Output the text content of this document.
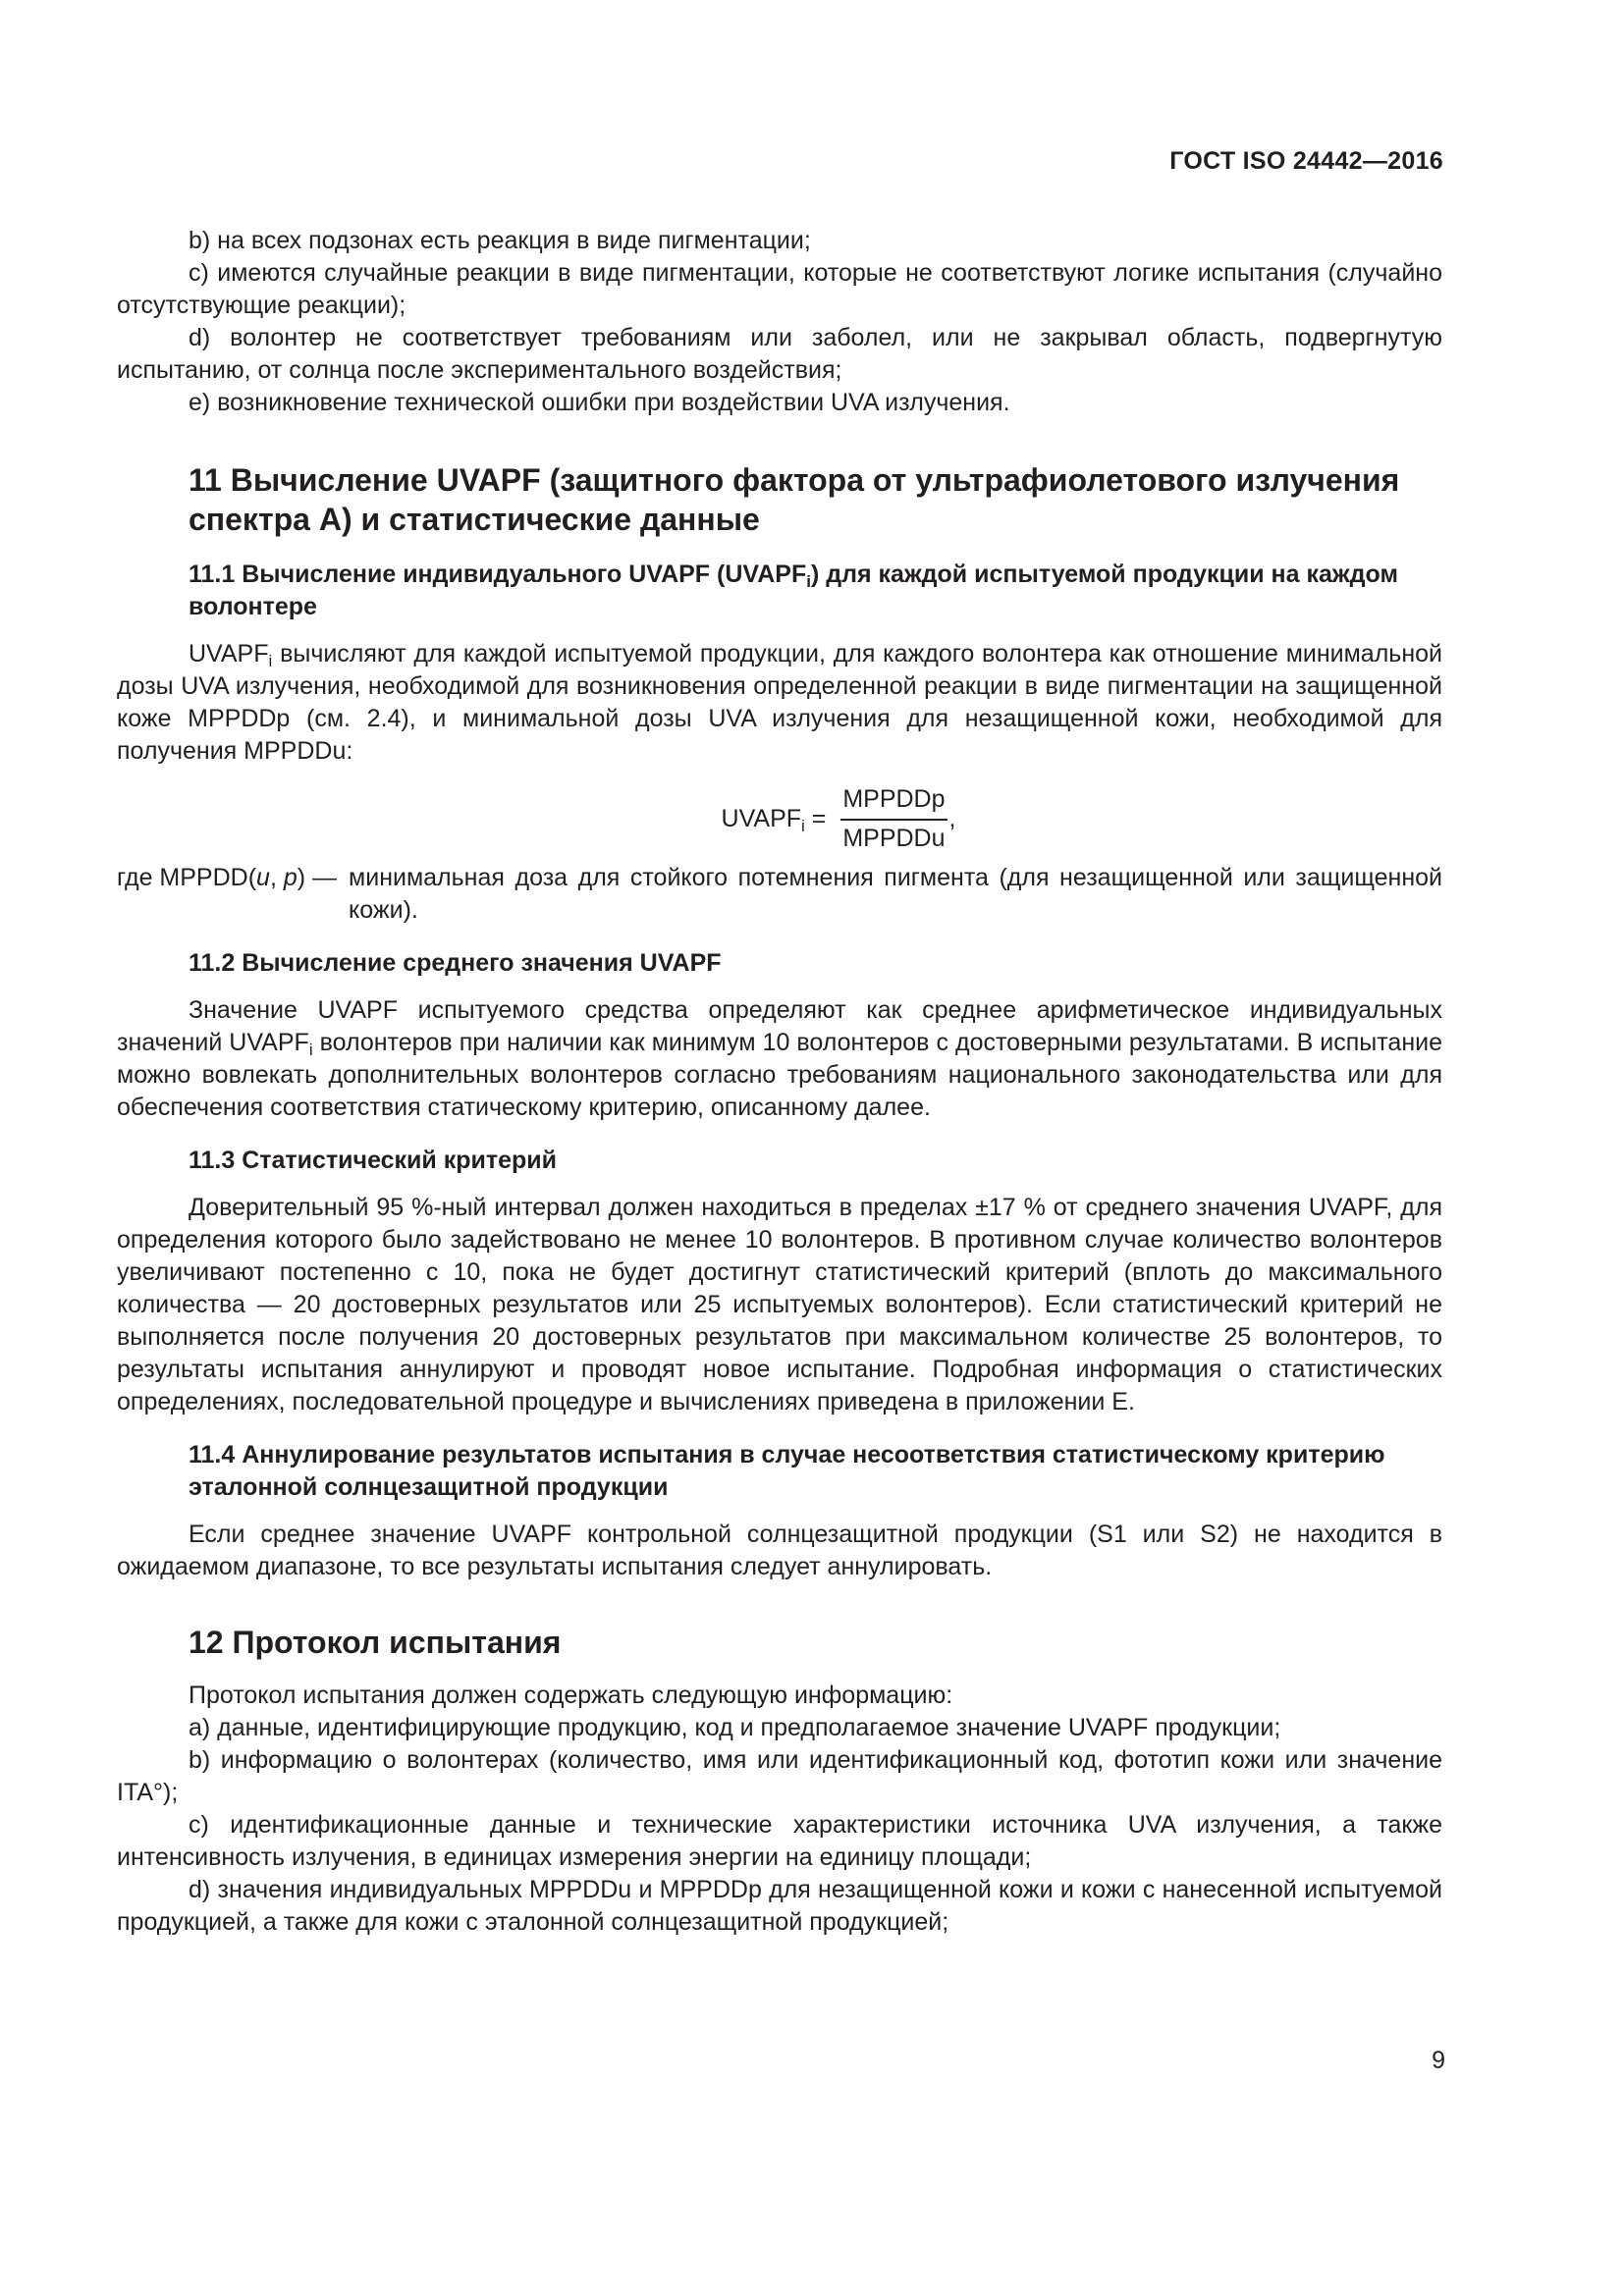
ГОСТ ISO 24442—2016

b) на всех подзонах есть реакция в виде пигментации;

c) имеются случайные реакции в виде пигментации, которые не соответствуют логике испытания (случайно отсутствующие реакции);

d) волонтер не соответствует требованиям или заболел, или не закрывал область, подвергнутую испытанию, от солнца после экспериментального воздействия;

e) возникновение технической ошибки при воздействии UVA излучения.

11 Вычисление UVAPF (защитного фактора от ультрафиолетового излучения спектра А) и статистические данные
11.1 Вычисление индивидуального UVAPF $(UVAPF_i)$ для каждой испытуемой продукции на каждом волонтере

$UVAPF_i$ вычисляют для каждой испытуемой продукции, для каждого волонтера как отношение минимальной дозы UVA излучения, необходимой для возникновения определенной реакции в виде пигментации на защищенной коже MPPDDp (см. 2.4), и минимальной дозы UVA излучения для незащищенной кожи, необходимой для получения MPPDDu:

$UVAPF_i = \frac{\text{MPPDDp}}{\text{MPPDDu}}$ ,
где MPPDD(u, p) — минимальная доза для стойкого потемнения пигмента (для незащищенной или защищенной кожи).
11.2 Вычисление среднего значения UVAPF

Значение UVAPF испытуемого средства определяют как среднее арифметическое индивидуальных значений $UVAPF_i$ волонтеров при наличии как минимум 10 волонтеров с достоверными результатами. В испытание можно вовлекать дополнительных волонтеров согласно требованиям национального законодательства или для обеспечения соответствия статическому критерию, описанному далее.

11.3 Статистический критерий

Доверительный 95 %-ный интервал должен находиться в пределах ±17 % от среднего значения UVAPF, для определения которого было задействовано не менее 10 волонтеров. В противном случае количество волонтеров увеличивают постепенно с 10, пока не будет достигнут статистический критерий (вплоть до максимального количества — 20 достоверных результатов или 25 испытуемых волонтеров). Если статистический критерий не выполняется после получения 20 достоверных результатов при максимальном количестве 25 волонтеров, то результаты испытания аннулируют и проводят новое испытание. Подробная информация о статистических определениях, последовательной процедуре и вычислениях приведена в приложении Е.

11.4 Аннулирование результатов испытания в случае несоответствия статистическому критерию эталонной солнцезащитной продукции

Если среднее значение UVAPF контрольной солнцезащитной продукции (S1 или S2) не находится в ожидаемом диапазоне, то все результаты испытания следует аннулировать.

12 Протокол испытания

Протокол испытания должен содержать следующую информацию:

a) данные, идентифицирующие продукцию, код и предполагаемое значение UVAPF продукции;

b) информацию о волонтерах (количество, имя или идентификационный код, фототип кожи или значение ITA°);

c) идентификационные данные и технические характеристики источника UVA излучения, а также интенсивность излучения, в единицах измерения энергии на единицу площади;

d) значения индивидуальных MPPDDu и MPPDDp для незащищенной кожи и кожи с нанесенной испытуемой продукцией, а также для кожи с эталонной солнцезащитной продукцией;

9
